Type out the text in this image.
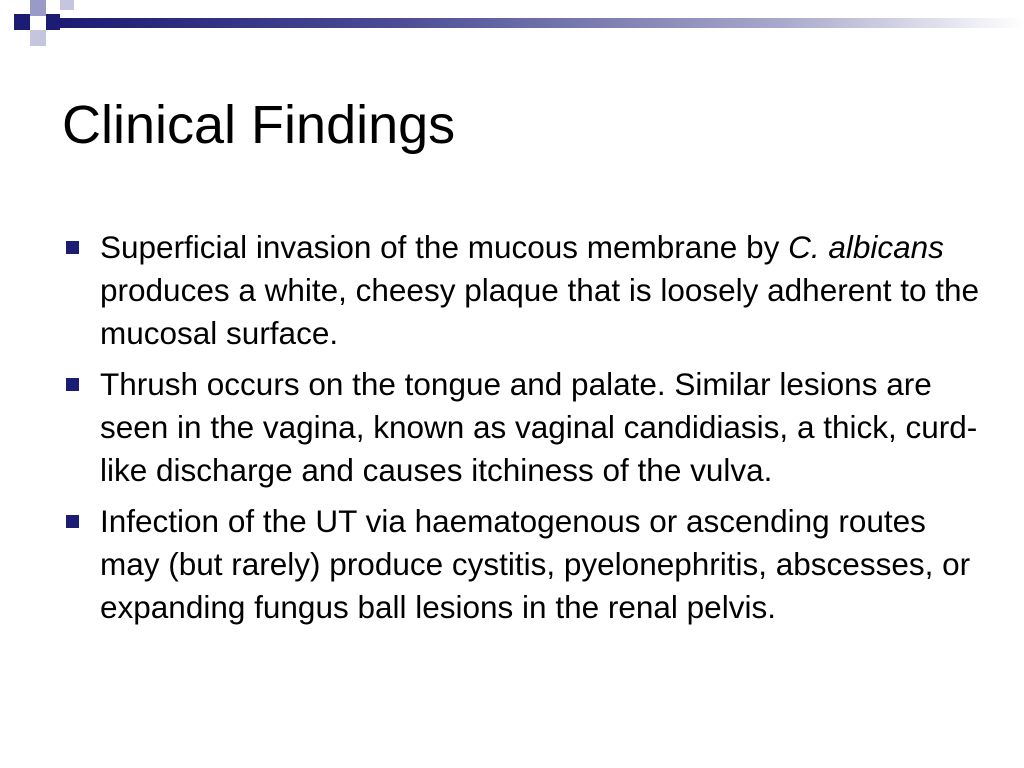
Clinical Findings
Superficial invasion of the mucous membrane by C. albicans produces a white, cheesy plaque that is loosely adherent to the mucosal surface.
Thrush occurs on the tongue and palate. Similar lesions are seen in the vagina, known as vaginal candidiasis, a thick, curd-like discharge and causes itchiness of the vulva.
Infection of the UT via haematogenous or ascending routes may (but rarely) produce cystitis, pyelonephritis, abscesses, or expanding fungus ball lesions in the renal pelvis.
